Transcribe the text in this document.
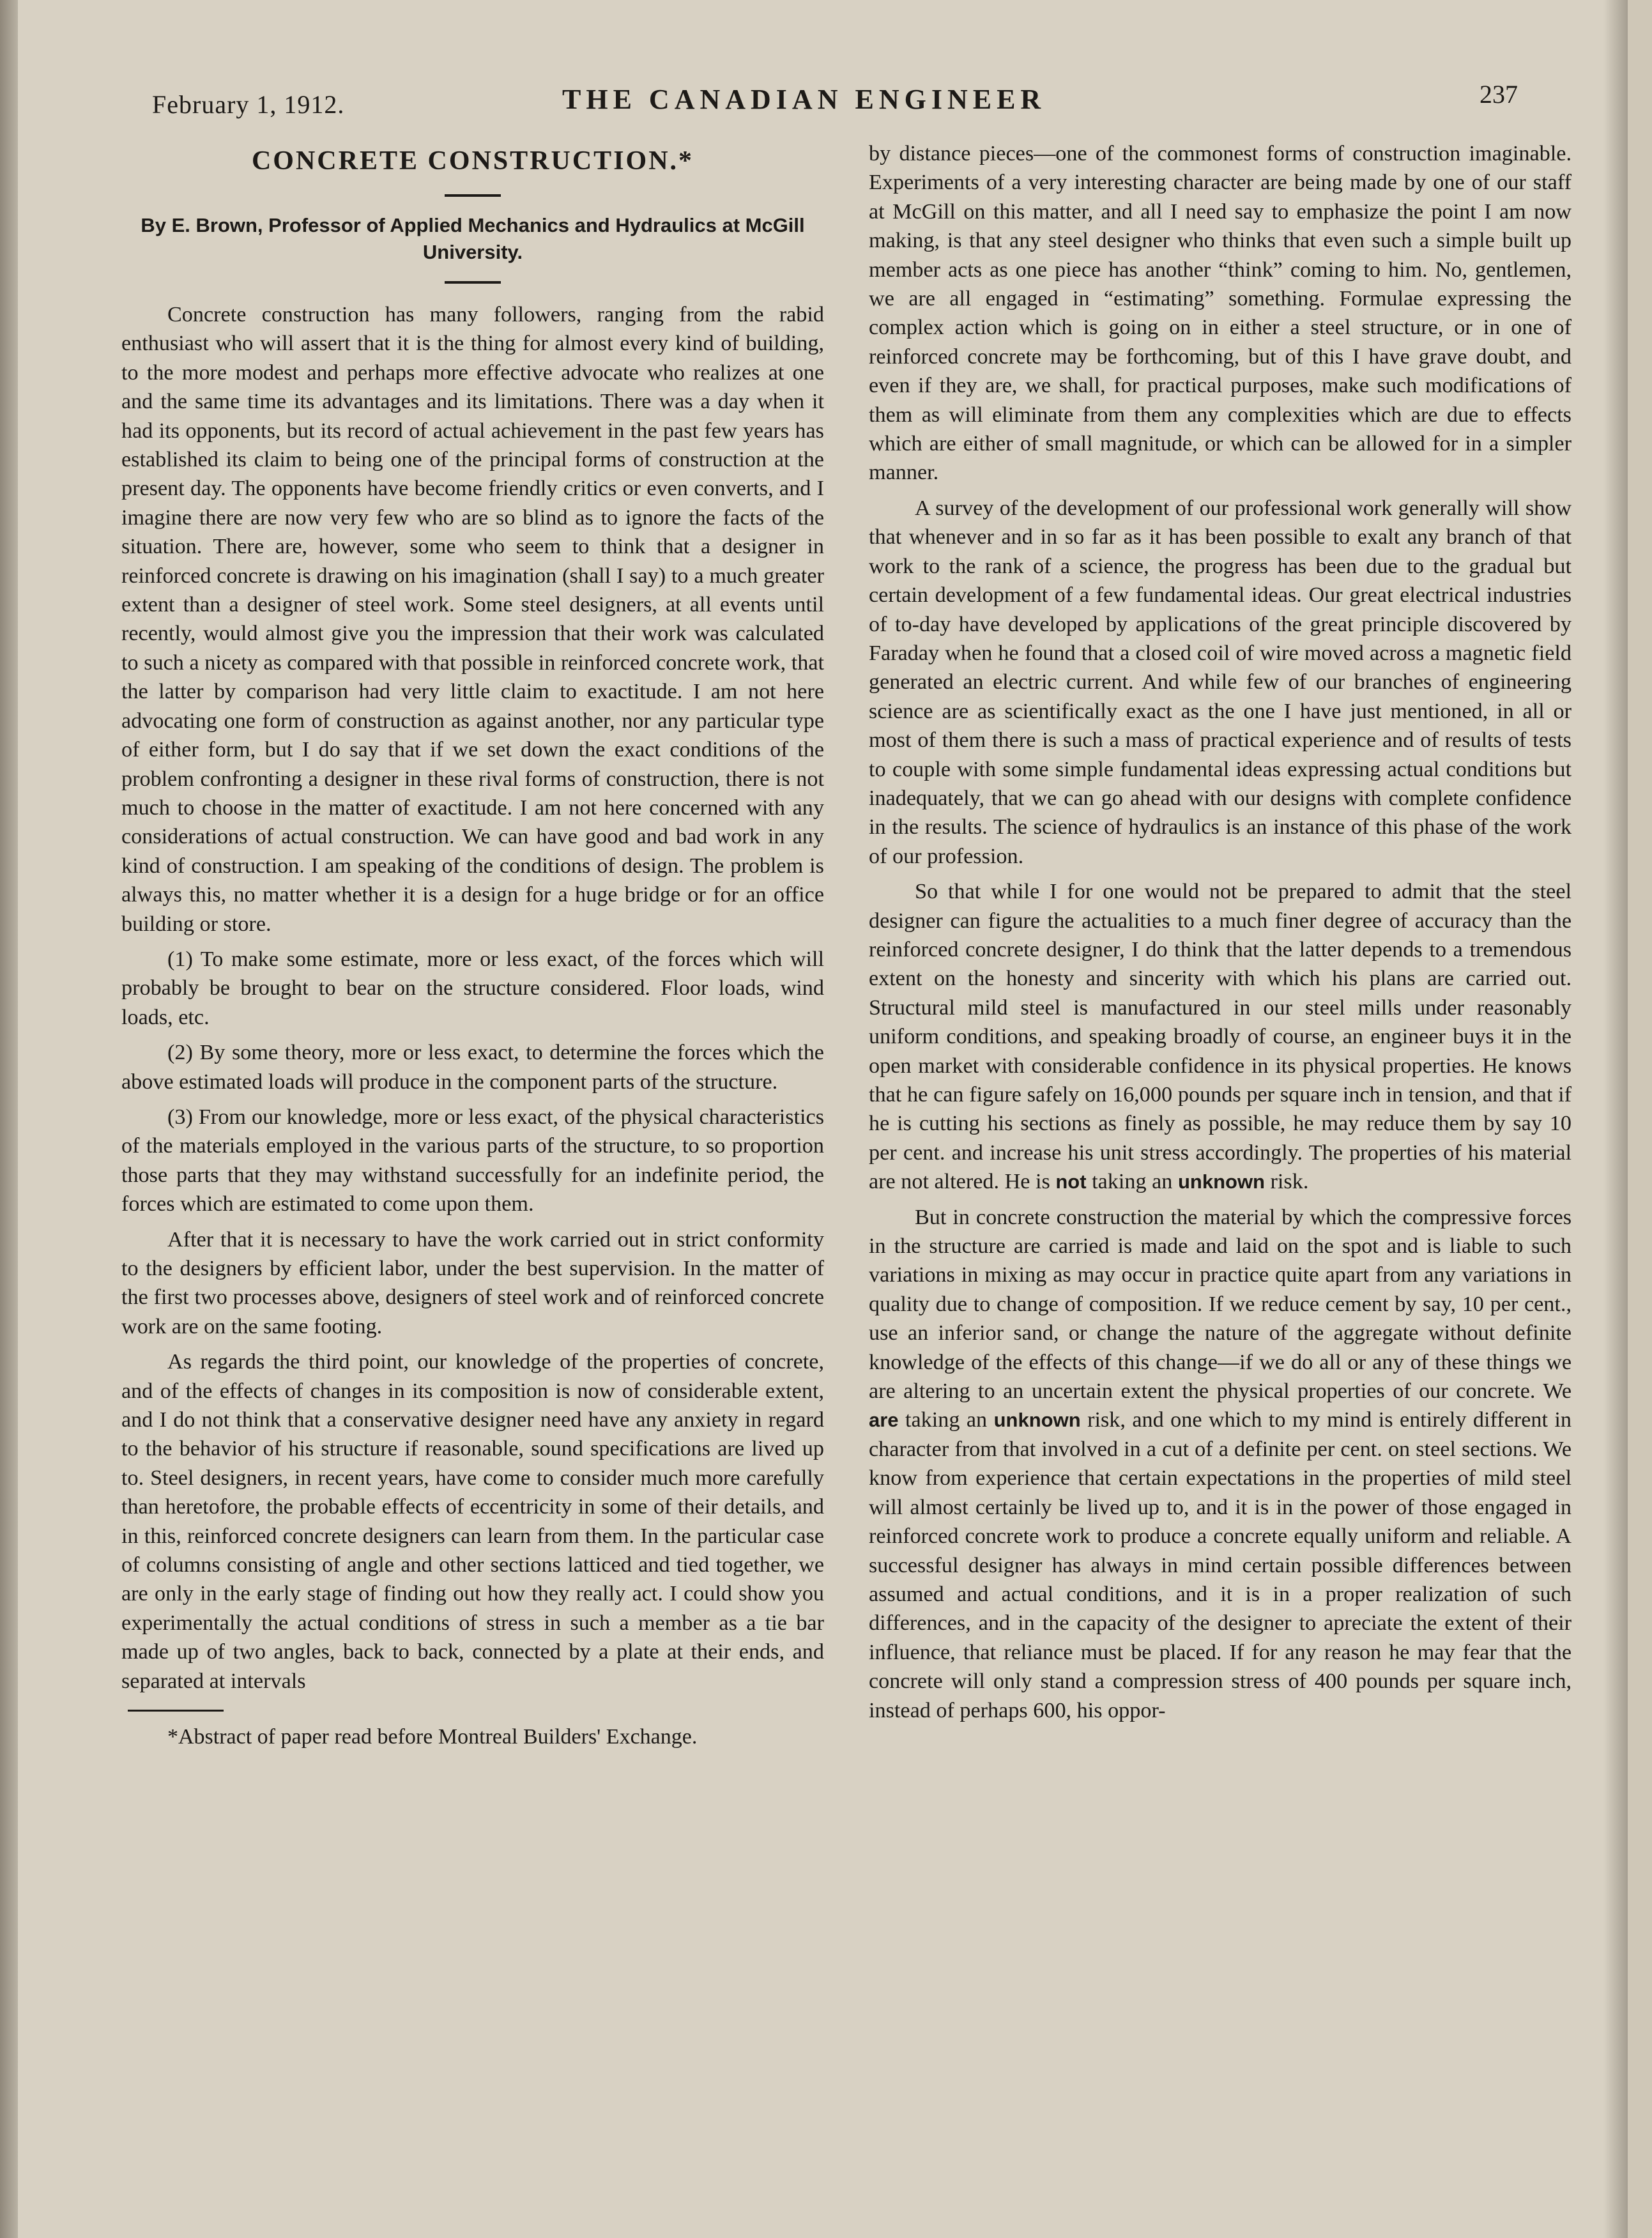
February 1, 1912.	THE CANADIAN ENGINEER	237
CONCRETE CONSTRUCTION.*
By E. Brown, Professor of Applied Mechanics and Hydraulics at McGill University.

Concrete construction has many followers, ranging from the rabid enthusiast who will assert that it is the thing for almost every kind of building, to the more modest and perhaps more effective advocate who realizes at one and the same time its advantages and its limitations. There was a day when it had its opponents, but its record of actual achievement in the past few years has established its claim to being one of the principal forms of construction at the present day. The opponents have become friendly critics or even converts, and I imagine there are now very few who are so blind as to ignore the facts of the situation. There are, however, some who seem to think that a designer in reinforced concrete is drawing on his imagination (shall I say) to a much greater extent than a designer of steel work. Some steel designers, at all events until recently, would almost give you the impression that their work was calculated to such a nicety as compared with that possible in reinforced concrete work, that the latter by comparison had very little claim to exactitude. I am not here advocating one form of construction as against another, nor any particular type of either form, but I do say that if we set down the exact conditions of the problem confronting a designer in these rival forms of construction, there is not much to choose in the matter of exactitude. I am not here concerned with any considerations of actual construction. We can have good and bad work in any kind of construction. I am speaking of the conditions of design. The problem is always this, no matter whether it is a design for a huge bridge or for an office building or store.

(1) To make some estimate, more or less exact, of the forces which will probably be brought to bear on the structure considered. Floor loads, wind loads, etc.

(2) By some theory, more or less exact, to determine the forces which the above estimated loads will produce in the component parts of the structure.

(3) From our knowledge, more or less exact, of the physical characteristics of the materials employed in the various parts of the structure, to so proportion those parts that they may withstand successfully for an indefinite period, the forces which are estimated to come upon them.

After that it is necessary to have the work carried out in strict conformity to the designers by efficient labor, under the best supervision. In the matter of the first two processes above, designers of steel work and of reinforced concrete work are on the same footing.

As regards the third point, our knowledge of the properties of concrete, and of the effects of changes in its composition is now of considerable extent, and I do not think that a conservative designer need have any anxiety in regard to the behavior of his structure if reasonable, sound specifications are lived up to. Steel designers, in recent years, have come to consider much more carefully than heretofore, the probable effects of eccentricity in some of their details, and in this, reinforced concrete designers can learn from them. In the particular case of columns consisting of angle and other sections latticed and tied together, we are only in the early stage of finding out how they really act. I could show you experimentally the actual conditions of stress in such a member as a tie bar made up of two angles, back to back, connected by a plate at their ends, and separated at intervals

*Abstract of paper read before Montreal Builders' Exchange.

by distance pieces—one of the commonest forms of construction imaginable. Experiments of a very interesting character are being made by one of our staff at McGill on this matter, and all I need say to emphasize the point I am now making, is that any steel designer who thinks that even such a simple built up member acts as one piece has another “think” coming to him. No, gentlemen, we are all engaged in “estimating” something. Formulae expressing the complex action which is going on in either a steel structure, or in one of reinforced concrete may be forthcoming, but of this I have grave doubt, and even if they are, we shall, for practical purposes, make such modifications of them as will eliminate from them any complexities which are due to effects which are either of small magnitude, or which can be allowed for in a simpler manner.

A survey of the development of our professional work generally will show that whenever and in so far as it has been possible to exalt any branch of that work to the rank of a science, the progress has been due to the gradual but certain development of a few fundamental ideas. Our great electrical industries of to-day have developed by applications of the great principle discovered by Faraday when he found that a closed coil of wire moved across a magnetic field generated an electric current. And while few of our branches of engineering science are as scientifically exact as the one I have just mentioned, in all or most of them there is such a mass of practical experience and of results of tests to couple with some simple fundamental ideas expressing actual conditions but inadequately, that we can go ahead with our designs with complete confidence in the results. The science of hydraulics is an instance of this phase of the work of our profession.

So that while I for one would not be prepared to admit that the steel designer can figure the actualities to a much finer degree of accuracy than the reinforced concrete designer, I do think that the latter depends to a tremendous extent on the honesty and sincerity with which his plans are carried out. Structural mild steel is manufactured in our steel mills under reasonably uniform conditions, and speaking broadly of course, an engineer buys it in the open market with considerable confidence in its physical properties. He knows that he can figure safely on 16,000 pounds per square inch in tension, and that if he is cutting his sections as finely as possible, he may reduce them by say 10 per cent. and increase his unit stress accordingly. The properties of his material are not altered. He is not taking an unknown risk.

But in concrete construction the material by which the compressive forces in the structure are carried is made and laid on the spot and is liable to such variations in mixing as may occur in practice quite apart from any variations in quality due to change of composition. If we reduce cement by say, 10 per cent., use an inferior sand, or change the nature of the aggregate without definite knowledge of the effects of this change—if we do all or any of these things we are altering to an uncertain extent the physical properties of our concrete. We are taking an unknown risk, and one which to my mind is entirely different in character from that involved in a cut of a definite per cent. on steel sections. We know from experience that certain expectations in the properties of mild steel will almost certainly be lived up to, and it is in the power of those engaged in reinforced concrete work to produce a concrete equally uniform and reliable. A successful designer has always in mind certain possible differences between assumed and actual conditions, and it is in a proper realization of such differences, and in the capacity of the designer to apreciate the extent of their influence, that reliance must be placed. If for any reason he may fear that the concrete will only stand a compression stress of 400 pounds per square inch, instead of perhaps 600, his oppor-
